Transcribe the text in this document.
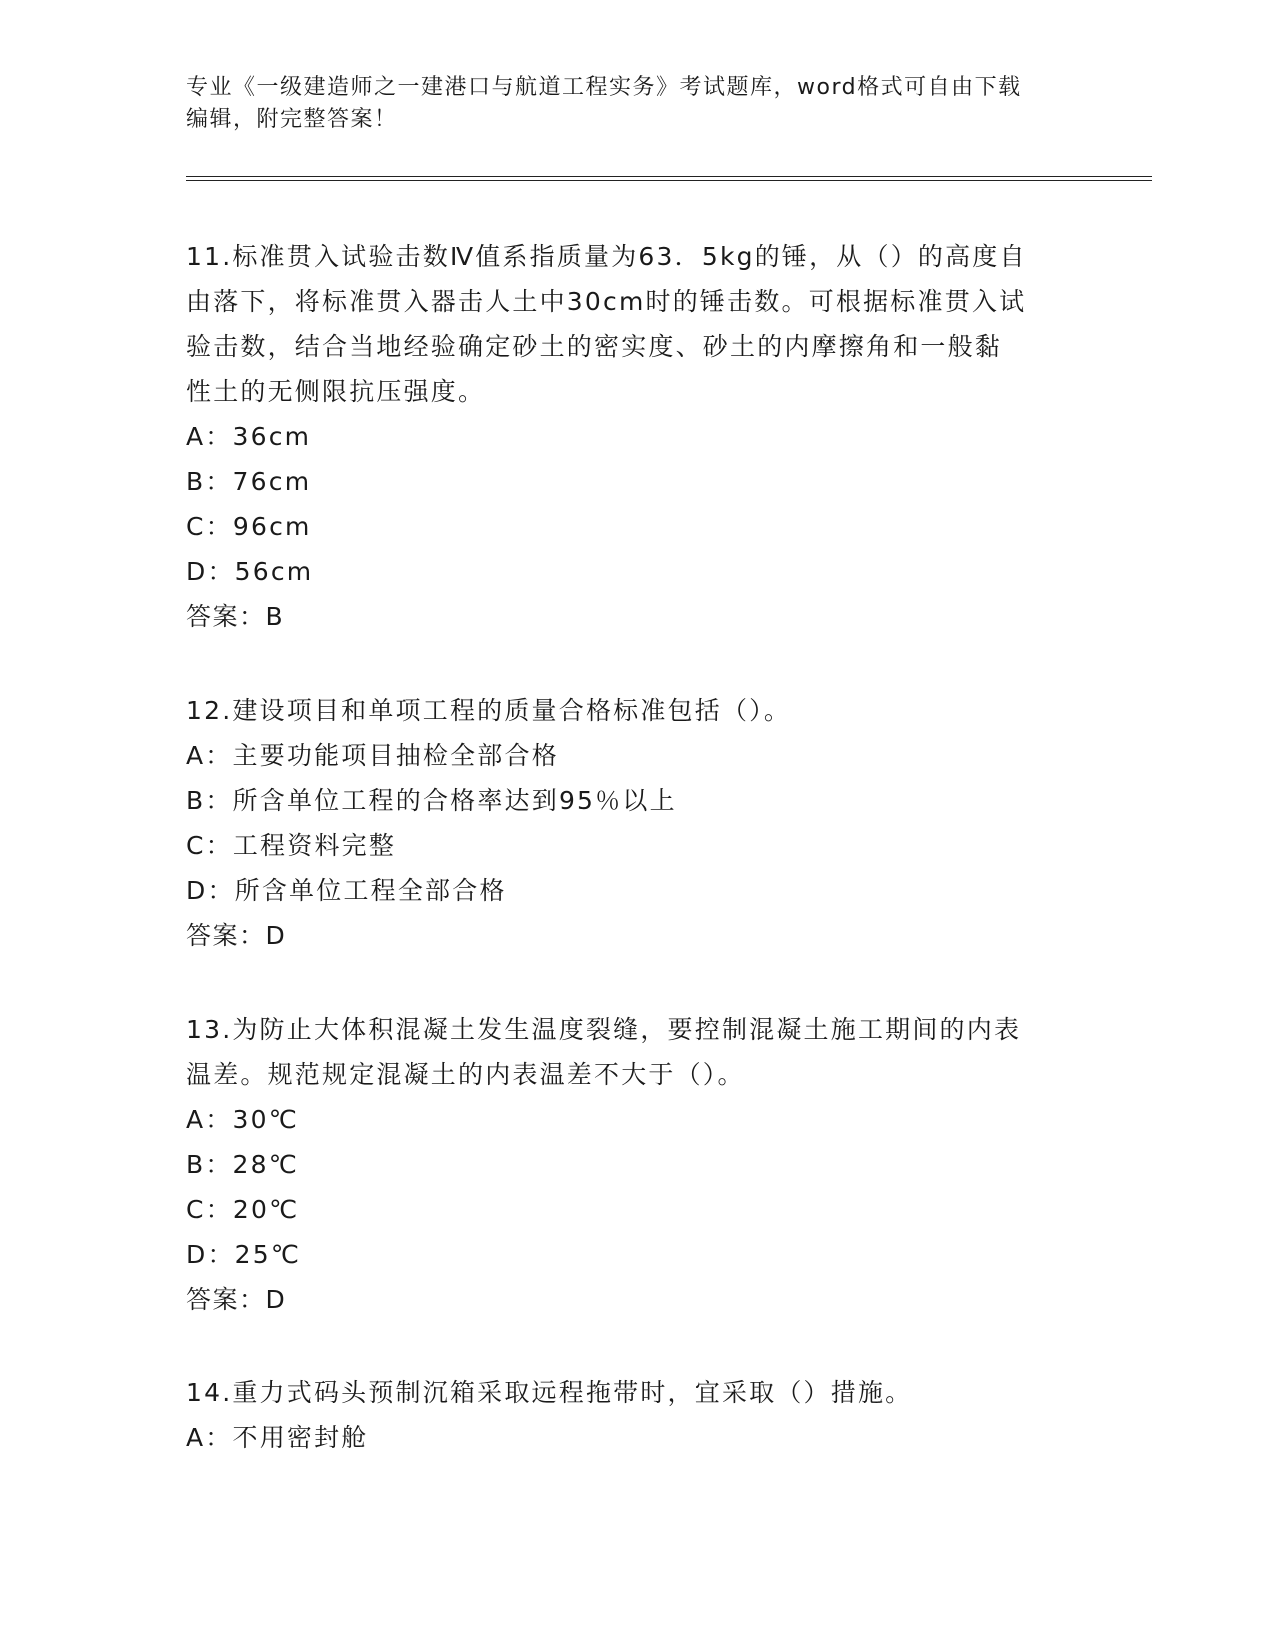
专业《一级建造师之一建港口与航道工程实务》考试题库，word格式可自由下载
编辑，附完整答案！
11.标准贯入试验击数Ⅳ值系指质量为63．5kg的锤，从（）的高度自
由落下，将标准贯入器击人土中30cm时的锤击数。可根据标准贯入试
验击数，结合当地经验确定砂土的密实度、砂土的内摩擦角和一般黏
性土的无侧限抗压强度。
A：36cm
B：76cm
C：96cm
D：56cm
答案：B
12.建设项目和单项工程的质量合格标准包括（）。
A：主要功能项目抽检全部合格
B：所含单位工程的合格率达到95％以上
C：工程资料完整
D：所含单位工程全部合格
答案：D
13.为防止大体积混凝土发生温度裂缝，要控制混凝土施工期间的内表
温差。规范规定混凝土的内表温差不大于（）。
A：30℃
B：28℃
C：20℃
D：25℃
答案：D
14.重力式码头预制沉箱采取远程拖带时，宜采取（）措施。
A：不用密封舱
